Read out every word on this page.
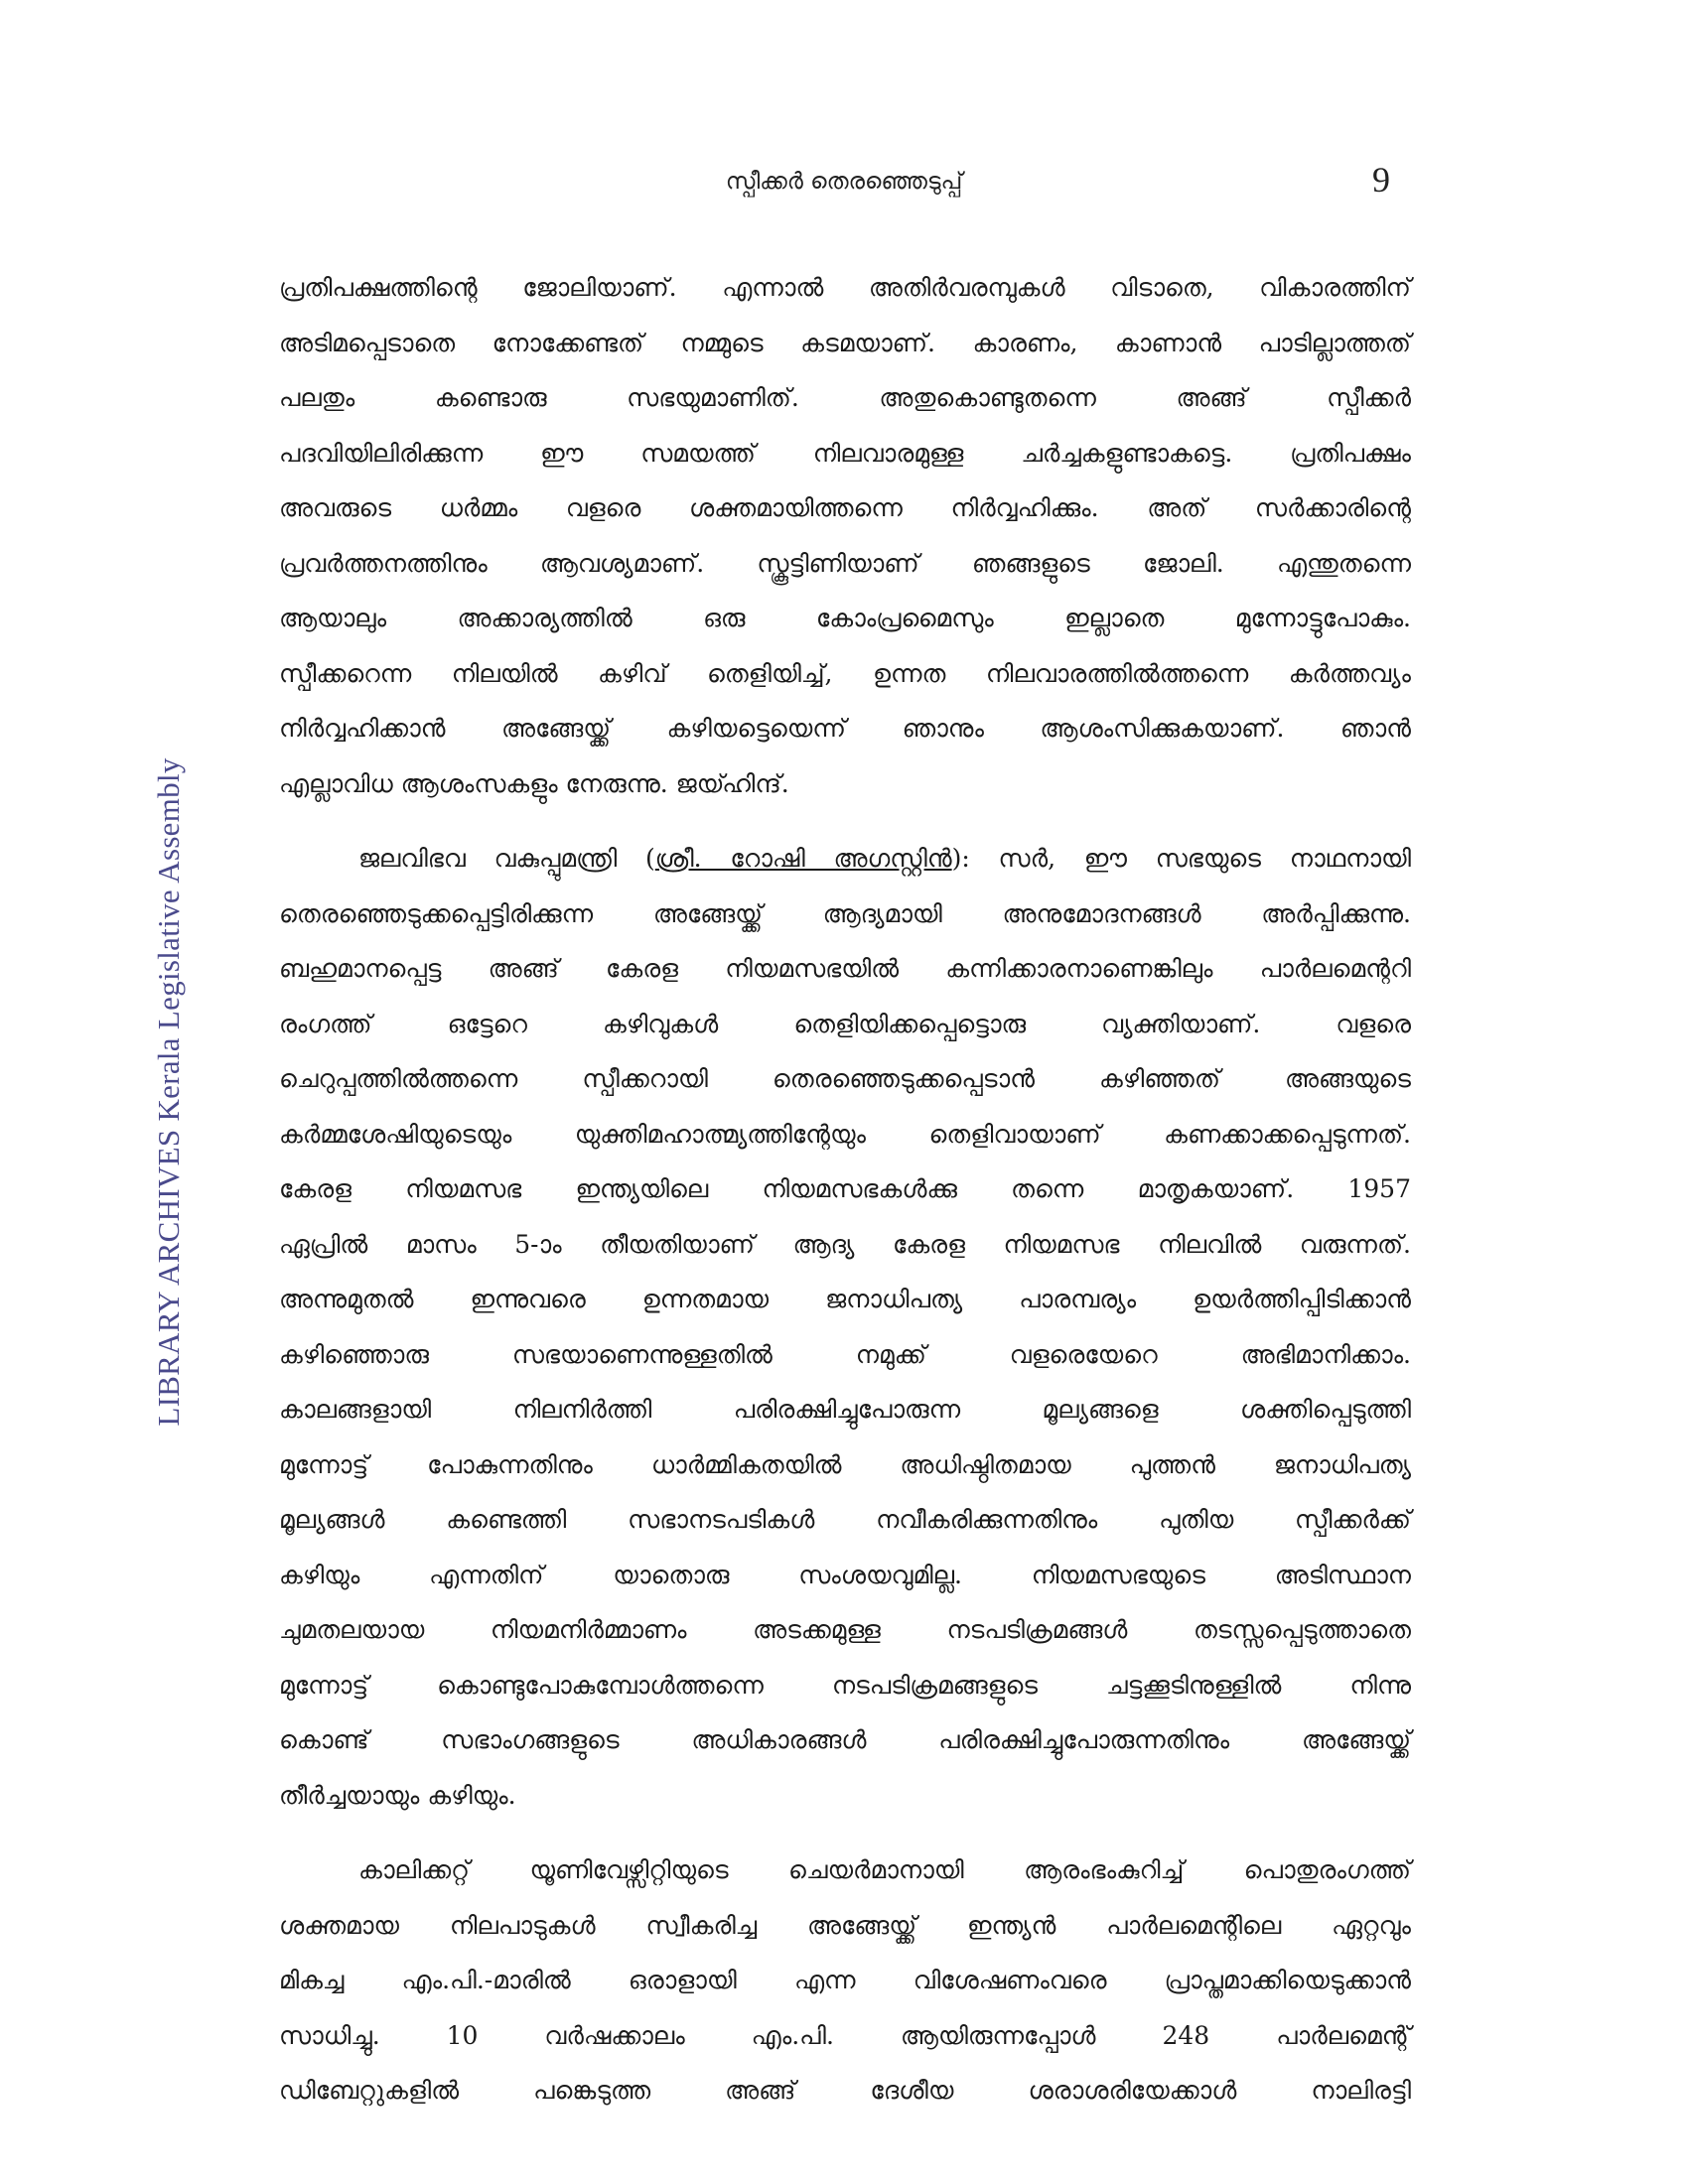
സ്പീക്കർ തെരഞ്ഞെടുപ്പ്	9
LIBRARY ARCHIVES Kerala Legislative Assembly

പ്രതിപക്ഷത്തിന്റെ ജോലിയാണ്. എന്നാൽ അതിർവരമ്പുകൾ വിടാതെ, വികാരത്തിന്
അടിമപ്പെടാതെ നോക്കേണ്ടത് നമ്മുടെ കടമയാണ്. കാരണം, കാണാൻ പാടില്ലാത്തത്
പലതും കണ്ടൊരു സഭയുമാണിത്. അതുകൊണ്ടുതന്നെ അങ്ങ് സ്പീക്കർ
പദവിയിലിരിക്കുന്ന ഈ സമയത്ത് നിലവാരമുള്ള ചർച്ചകളുണ്ടാകട്ടെ. പ്രതിപക്ഷം
അവരുടെ ധർമ്മം വളരെ ശക്തമായിത്തന്നെ നിർവ്വഹിക്കും. അത് സർക്കാരിന്റെ
പ്രവർത്തനത്തിനും ആവശ്യമാണ്. സ്കൂട്ടിണിയാണ് ഞങ്ങളുടെ ജോലി. എന്തുതന്നെ
ആയാലും അക്കാര്യത്തിൽ ഒരു കോംപ്രമൈസും ഇല്ലാതെ മുന്നോട്ടുപോകും.
സ്പീക്കറെന്ന നിലയിൽ കഴിവ് തെളിയിച്ച്, ഉന്നത നിലവാരത്തിൽത്തന്നെ കർത്തവ്യം
നിർവ്വഹിക്കാൻ അങ്ങേയ്ക്ക് കഴിയട്ടെയെന്ന് ഞാനും ആശംസിക്കുകയാണ്. ഞാൻ
എല്ലാവിധ ആശംസകളും നേരുന്നു. ജയ്ഹിന്ദ്.

ജലവിഭവ വകുപ്പുമന്ത്രി (ശ്രീ. റോഷി അഗസ്റ്റിൻ): സർ, ഈ സഭയുടെ നാഥനായി
തെരഞ്ഞെടുക്കപ്പെട്ടിരിക്കുന്ന അങ്ങേയ്ക്ക് ആദ്യമായി അനുമോദനങ്ങൾ അർപ്പിക്കുന്നു.
ബഹുമാനപ്പെട്ട അങ്ങ് കേരള നിയമസഭയിൽ കന്നിക്കാരനാണെങ്കിലും പാർലമെന്ററി
രംഗത്ത് ഒട്ടേറെ കഴിവുകൾ തെളിയിക്കപ്പെട്ടൊരു വ്യക്തിയാണ്. വളരെ
ചെറുപ്പത്തിൽത്തന്നെ സ്പീക്കറായി തെരഞ്ഞെടുക്കപ്പെടാൻ കഴിഞ്ഞത് അങ്ങയുടെ
കർമ്മശേഷിയുടെയും യുക്തിമഹാത്മ്യത്തിന്റേയും തെളിവായാണ് കണക്കാക്കപ്പെടുന്നത്.
കേരള നിയമസഭ ഇന്ത്യയിലെ നിയമസഭകൾക്കു തന്നെ മാതൃകയാണ്. 1957
ഏപ്രിൽ മാസം 5-ാം തീയതിയാണ് ആദ്യ കേരള നിയമസഭ നിലവിൽ വരുന്നത്.
അന്നുമുതൽ ഇന്നുവരെ ഉന്നതമായ ജനാധിപത്യ പാരമ്പര്യം ഉയർത്തിപ്പിടിക്കാൻ
കഴിഞ്ഞൊരു സഭയാണെന്നുള്ളതിൽ നമുക്ക് വളരെയേറെ അഭിമാനിക്കാം.
കാലങ്ങളായി നിലനിർത്തി പരിരക്ഷിച്ചുപോരുന്ന മൂല്യങ്ങളെ ശക്തിപ്പെടുത്തി
മുന്നോട്ട് പോകുന്നതിനും ധാർമ്മികതയിൽ അധിഷ്ഠിതമായ പുത്തൻ ജനാധിപത്യ
മൂല്യങ്ങൾ കണ്ടെത്തി സഭാനടപടികൾ നവീകരിക്കുന്നതിനും പുതിയ സ്പീക്കർക്ക്
കഴിയും എന്നതിന് യാതൊരു സംശയവുമില്ല. നിയമസഭയുടെ അടിസ്ഥാന
ചുമതലയായ നിയമനിർമ്മാണം അടക്കമുള്ള നടപടിക്രമങ്ങൾ തടസ്സപ്പെടുത്താതെ
മുന്നോട്ട് കൊണ്ടുപോകുമ്പോൾത്തന്നെ നടപടിക്രമങ്ങളുടെ ചട്ടക്കൂടിനുള്ളിൽ നിന്നു
കൊണ്ട് സഭാംഗങ്ങളുടെ അധികാരങ്ങൾ പരിരക്ഷിച്ചുപോരുന്നതിനും അങ്ങേയ്ക്ക്
തീർച്ചയായും കഴിയും.

കാലിക്കറ്റ് യൂണിവേഴ്സിറ്റിയുടെ ചെയർമാനായി ആരംഭംകുറിച്ച് പൊതുരംഗത്ത്
ശക്തമായ നിലപാടുകൾ സ്വീകരിച്ച അങ്ങേയ്ക്ക് ഇന്ത്യൻ പാർലമെന്റിലെ ഏറ്റവും
മികച്ച എം.പി.-മാരിൽ ഒരാളായി എന്ന വിശേഷണംവരെ പ്രാപ്തമാക്കിയെടുക്കാൻ
സാധിച്ചു. 10 വർഷക്കാലം എം.പി. ആയിരുന്നപ്പോൾ 248 പാർലമെന്റ്
ഡിബേറ്റുകളിൽ പങ്കെടുത്ത അങ്ങ് ദേശീയ ശരാശരിയേക്കാൾ നാലിരട്ടി
